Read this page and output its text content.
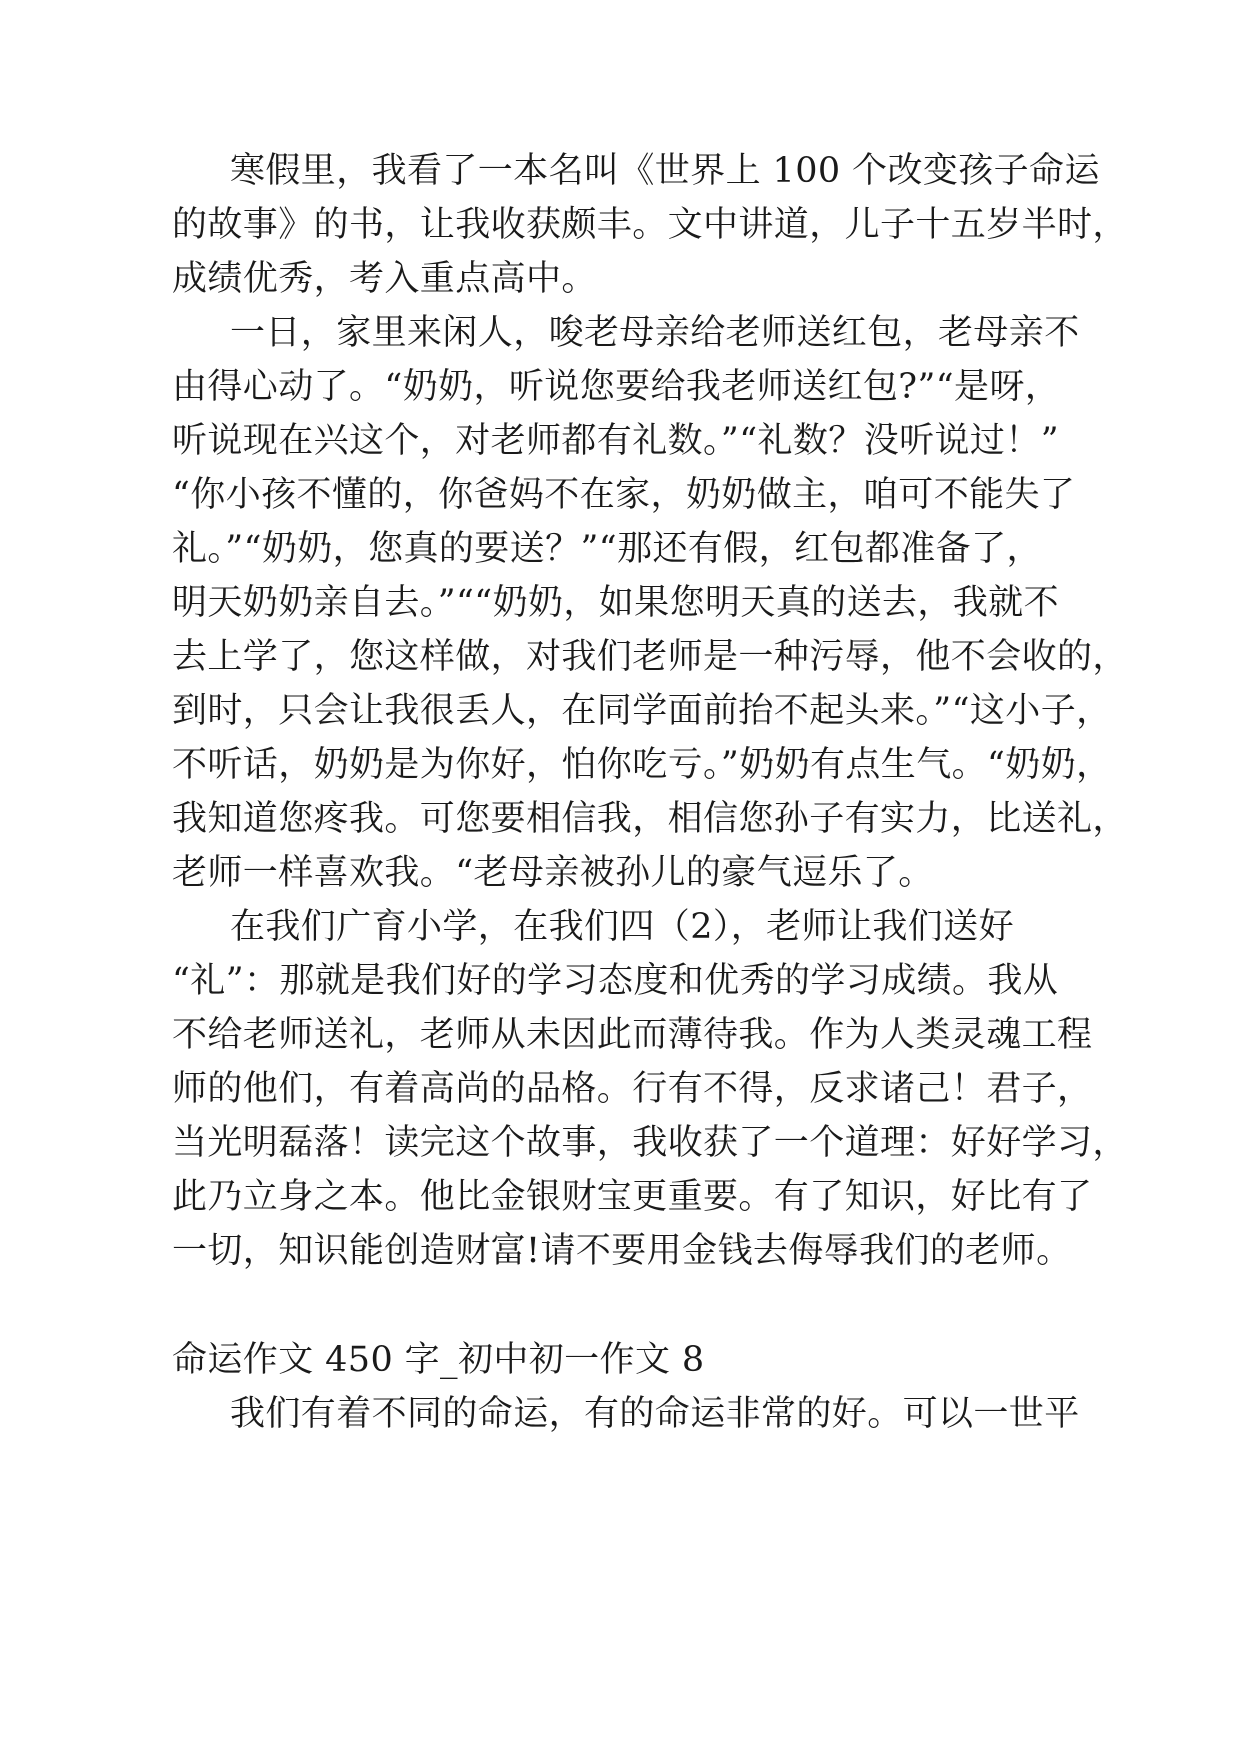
寒假里，我看了一本名叫《世界上 100 个改变孩子命运
的故事》的书，让我收获颇丰。文中讲道，儿子十五岁半时，
成绩优秀，考入重点高中。
一日，家里来闲人，唆老母亲给老师送红包，老母亲不
由得心动了。“奶奶，听说您要给我老师送红包?”“是呀，
听说现在兴这个，对老师都有礼数。”“礼数？没听说过！”
“你小孩不懂的，你爸妈不在家，奶奶做主，咱可不能失了
礼。”“奶奶，您真的要送？”“那还有假，红包都准备了，
明天奶奶亲自去。”““奶奶，如果您明天真的送去，我就不
去上学了，您这样做，对我们老师是一种污辱，他不会收的，
到时，只会让我很丢人，在同学面前抬不起头来。”“这小子，
不听话，奶奶是为你好，怕你吃亏。”奶奶有点生气。“奶奶，
我知道您疼我。可您要相信我，相信您孙子有实力，比送礼，
老师一样喜欢我。“老母亲被孙儿的豪气逗乐了。
在我们广育小学，在我们四（2），老师让我们送好
“礼”：那就是我们好的学习态度和优秀的学习成绩。我从
不给老师送礼，老师从未因此而薄待我。作为人类灵魂工程
师的他们，有着高尚的品格。行有不得，反求诸己！君子，
当光明磊落！读完这个故事，我收获了一个道理：好好学习，
此乃立身之本。他比金银财宝更重要。有了知识，好比有了
一切，知识能创造财富!请不要用金钱去侮辱我们的老师。
命运作文 450 字_初中初一作文 8
我们有着不同的命运，有的命运非常的好。可以一世平
